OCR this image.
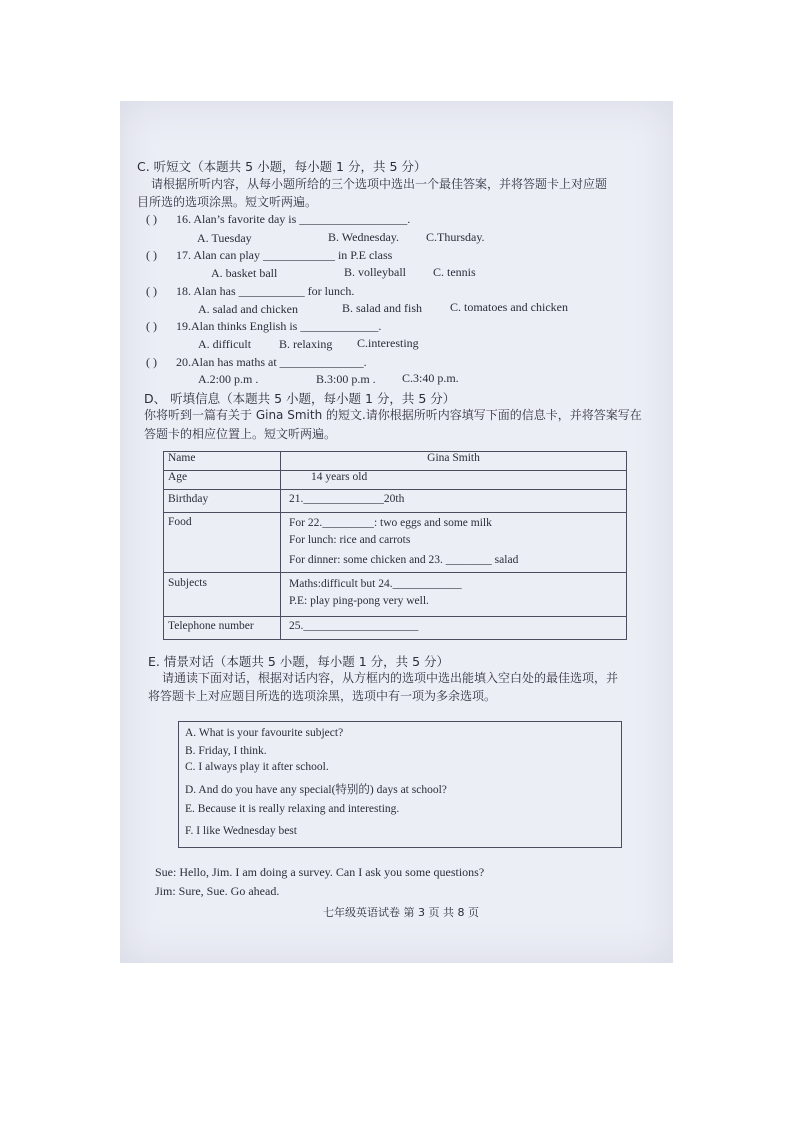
C. 听短文（本题共 5 小题，每小题 1 分，共 5 分）
请根据所听内容，从每小题所给的三个选项中选出一个最佳答案，并将答题卡上对应题
目所选的选项涂黑。短文听两遍。
( ) 16. Alan’s favorite day is __________________.
A. Tuesday	B. Wednesday. C.Thursday.
( ) 17. Alan can play ____________ in P.E class
A. basket ball	B. volleyball C. tennis
( ) 18. Alan has ___________ for lunch.
A. salad and chicken	B. salad and fish C. tomatoes and chicken
( ) 19.Alan thinks English is _____________.
A. difficult B. relaxing C.interesting
( ) 20.Alan has maths at ______________.
A.2:00 p.m .	B.3:00 p.m . C.3:40 p.m.
D、 听填信息（本题共 5 小题，每小题 1 分，共 5 分）
你将听到一篇有关于 Gina Smith 的短文.请你根据所听内容填写下面的信息卡，并将答案写在
答题卡的相应位置上。短文听两遍。
Name	Gina Smith
Age	14 years old
Birthday	21.______________20th
Food	For 22._________: two eggs and some milk
For lunch: rice and carrots
For dinner: some chicken and 23. ________ salad

Subjects	Maths:difficult but 24.____________
P.E: play ping-pong very well.

Telephone number	25.____________________
E. 情景对话（本题共 5 小题，每小题 1 分，共 5 分）
请通读下面对话，根据对话内容，从方框内的选项中选出能填入空白处的最佳选项，并
将答题卡上对应题目所选的选项涂黑，选项中有一项为多余选项。
A. What is your favourite subject?
B. Friday, I think.
C. I always play it after school.
D. And do you have any special(特别的) days at school?
E. Because it is really relaxing and interesting.
F. I like Wednesday best
Sue: Hello, Jim. I am doing a survey. Can I ask you some questions?
Jim: Sure, Sue. Go ahead.
七年级英语试卷 第 3 页 共 8 页
